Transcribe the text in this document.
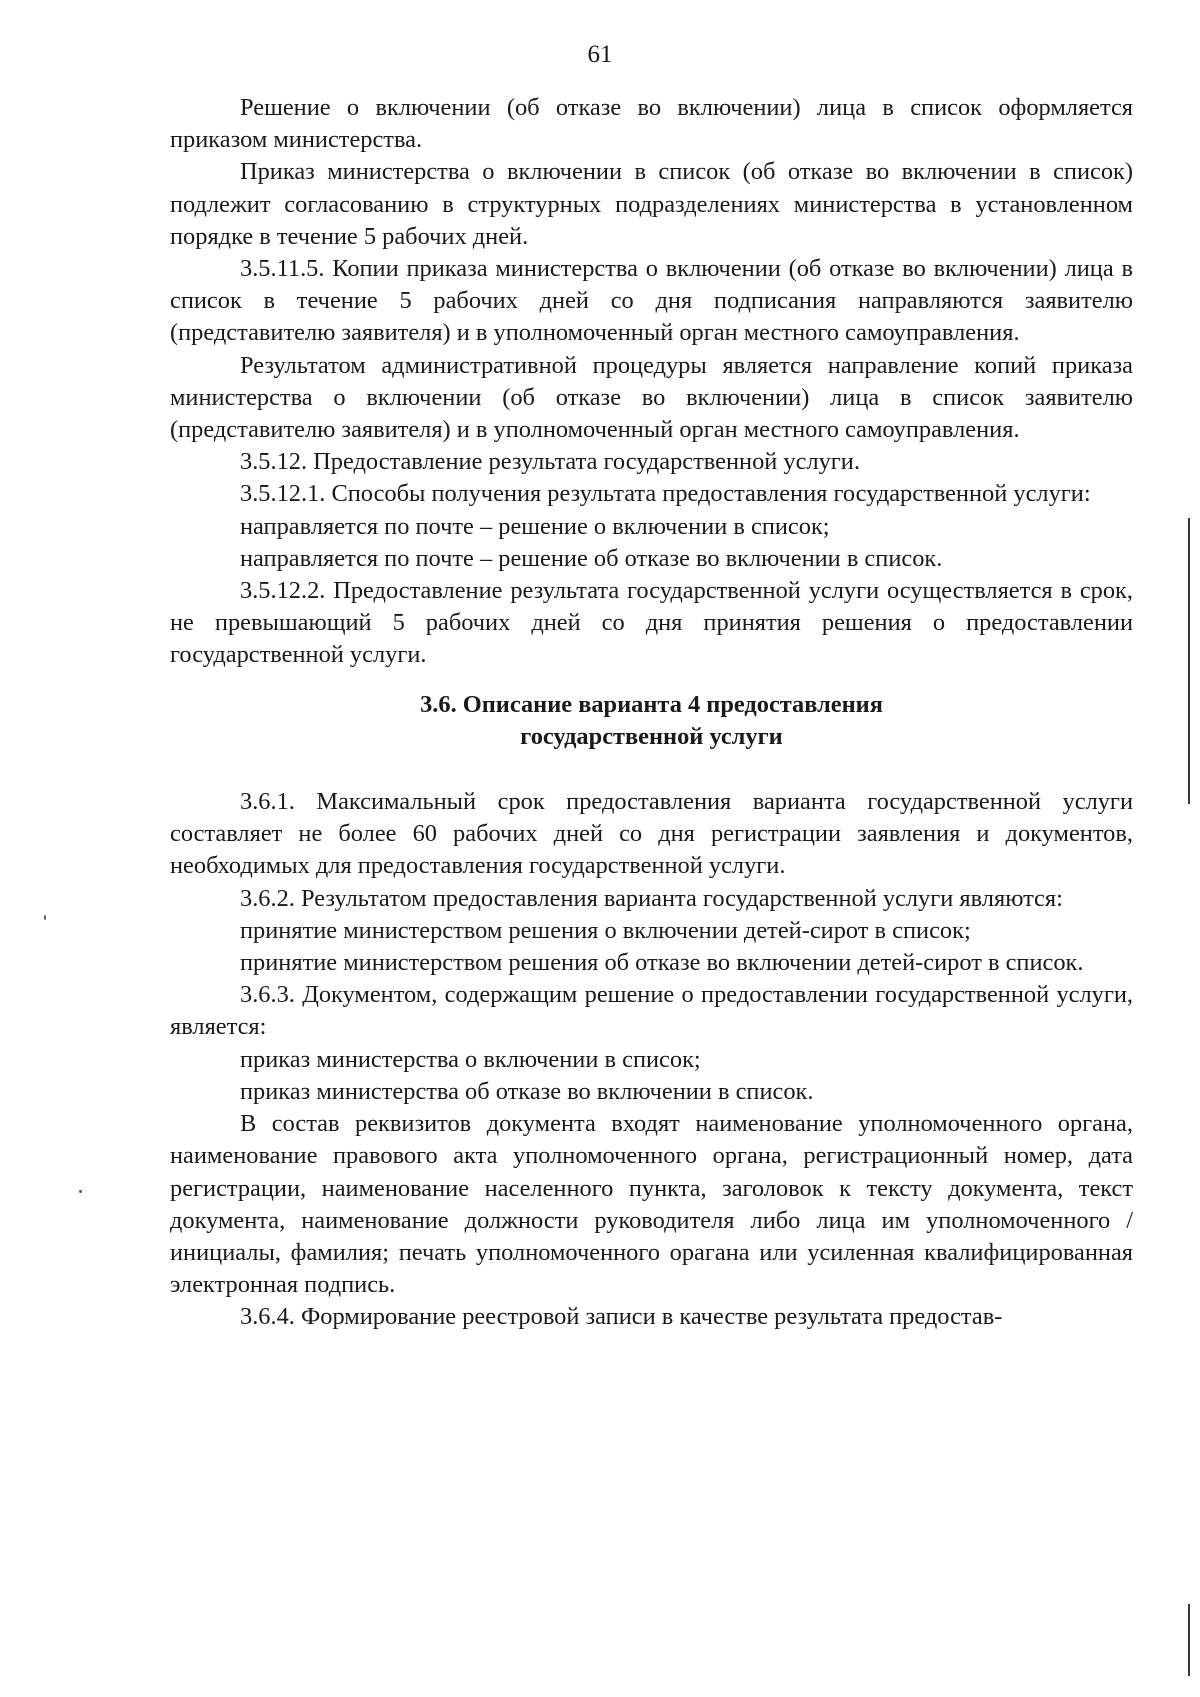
61

Решение о включении (об отказе во включении) лица в список оформляется приказом министерства.

Приказ министерства о включении в список (об отказе во включении в список) подлежит согласованию в структурных подразделениях министерства в установленном порядке в течение 5 рабочих дней.

3.5.11.5. Копии приказа министерства о включении (об отказе во включении) лица в список в течение 5 рабочих дней со дня подписания направляются заявителю (представителю заявителя) и в уполномоченный орган местного самоуправления.

Результатом административной процедуры является направление копий приказа министерства о включении (об отказе во включении) лица в список заявителю (представителю заявителя) и в уполномоченный орган местного самоуправления.

3.5.12. Предоставление результата государственной услуги.

3.5.12.1. Способы получения результата предоставления государственной услуги:

направляется по почте – решение о включении в список;

направляется по почте – решение об отказе во включении в список.

3.5.12.2. Предоставление результата государственной услуги осуществляется в срок, не превышающий 5 рабочих дней со дня принятия решения о предоставлении государственной услуги.

3.6. Описание варианта 4 предоставления
государственной услуги

3.6.1. Максимальный срок предоставления варианта государственной услуги составляет не более 60 рабочих дней со дня регистрации заявления и документов, необходимых для предоставления государственной услуги.

3.6.2. Результатом предоставления варианта государственной услуги являются:

принятие министерством решения о включении детей-сирот в список;

принятие министерством решения об отказе во включении детей-сирот в список.

3.6.3. Документом, содержащим решение о предоставлении государственной услуги, является:

приказ министерства о включении в список;

приказ министерства об отказе во включении в список.

В состав реквизитов документа входят наименование уполномоченного органа, наименование правового акта уполномоченного органа, регистрационный номер, дата регистрации, наименование населенного пункта, заголовок к тексту документа, текст документа, наименование должности руководителя либо лица им уполномоченного / инициалы, фамилия; печать уполномоченного орагана или усиленная квалифицированная электронная подпись.

3.6.4. Формирование реестровой записи в качестве результата предостав-
